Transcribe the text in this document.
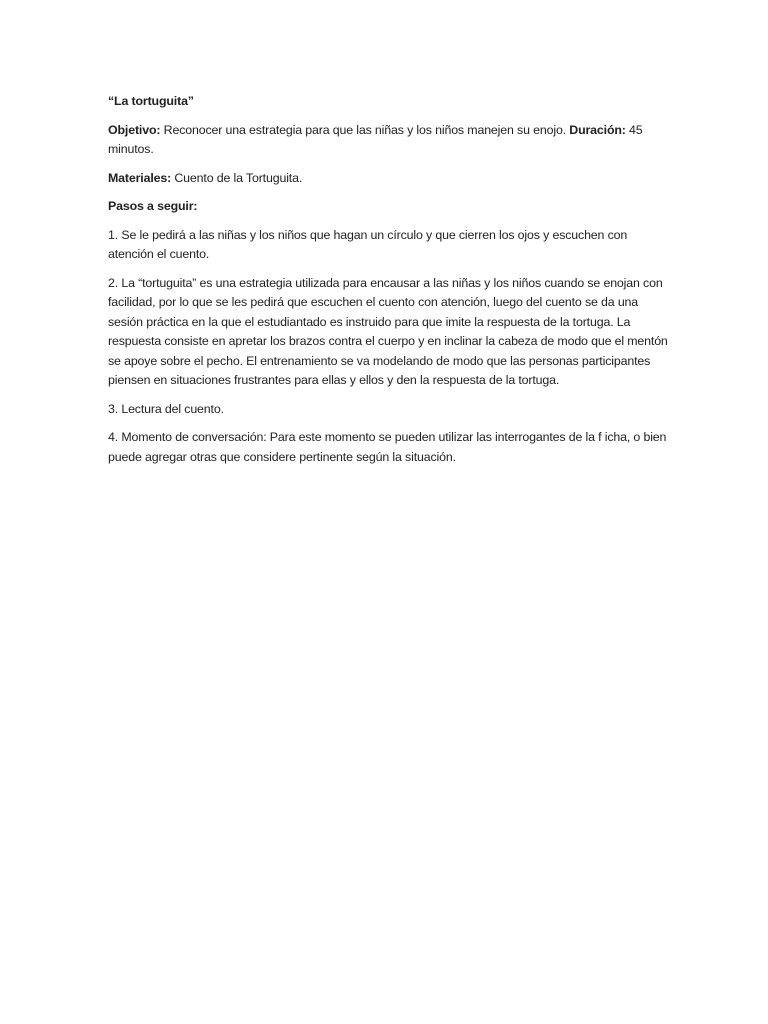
“La tortuguita”

Objetivo: Reconocer una estrategia para que las niñas y los niños manejen su enojo. Duración: 45 minutos.

Materiales: Cuento de la Tortuguita.

Pasos a seguir:

1. Se le pedirá a las niñas y los niños que hagan un círculo y que cierren los ojos y escuchen con atención el cuento.

2. La “tortuguita” es una estrategia utilizada para encausar a las niñas y los niños cuando se enojan con facilidad, por lo que se les pedirá que escuchen el cuento con atención, luego del cuento se da una sesión práctica en la que el estudiantado es instruido para que imite la respuesta de la tortuga. La respuesta consiste en apretar los brazos contra el cuerpo y en inclinar la cabeza de modo que el mentón se apoye sobre el pecho. El entrenamiento se va modelando de modo que las personas participantes piensen en situaciones frustrantes para ellas y ellos y den la respuesta de la tortuga.

3. Lectura del cuento.

4. Momento de conversación: Para este momento se pueden utilizar las interrogantes de la f icha, o bien puede agregar otras que considere pertinente según la situación.
